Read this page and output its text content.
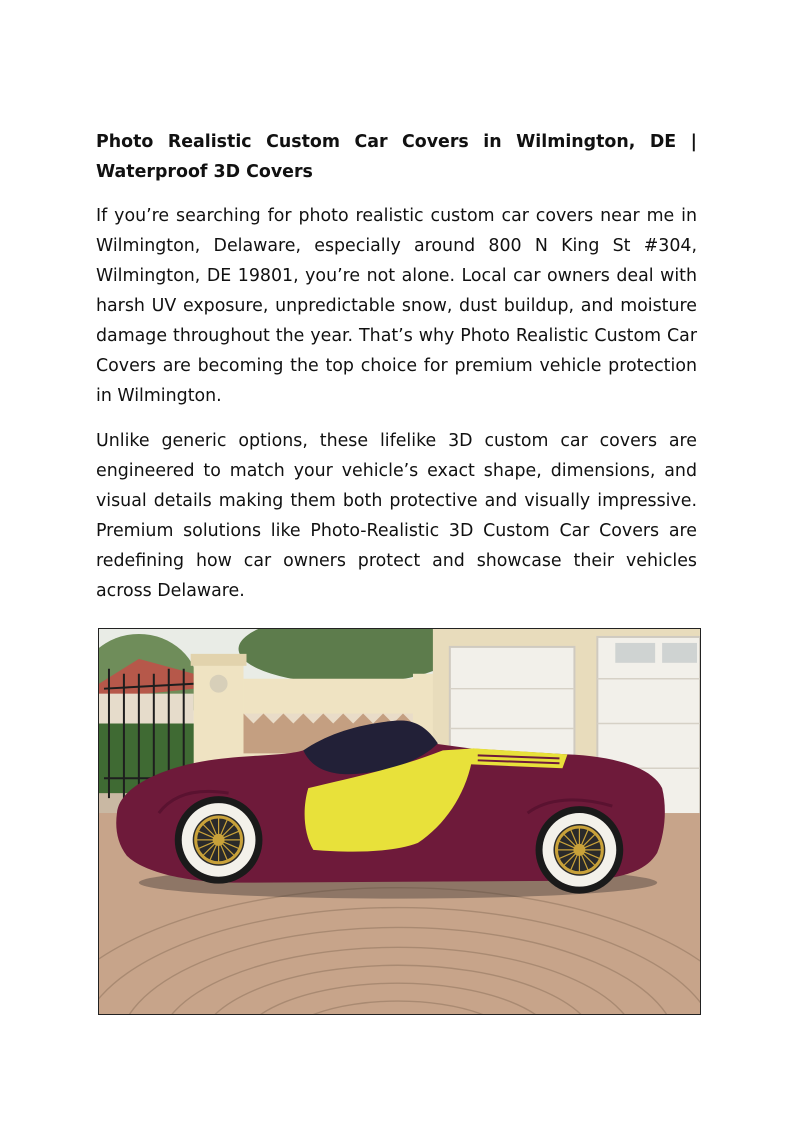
Photo Realistic Custom Car Covers in Wilmington, DE | Waterproof 3D Covers

If you’re searching for photo realistic custom car covers near me in Wilmington, Delaware, especially around 800 N King St #304, Wilmington, DE 19801, you’re not alone. Local car owners deal with harsh UV exposure, unpredictable snow, dust buildup, and moisture damage throughout the year. That’s why Photo Realistic Custom Car Covers are becoming the top choice for premium vehicle protection in Wilmington.

Unlike generic options, these lifelike 3D custom car covers are engineered to match your vehicle’s exact shape, dimensions, and visual details making them both protective and visually impressive. Premium solutions like Photo-Realistic 3D Custom Car Covers are redefining how car owners protect and showcase their vehicles across Delaware.
